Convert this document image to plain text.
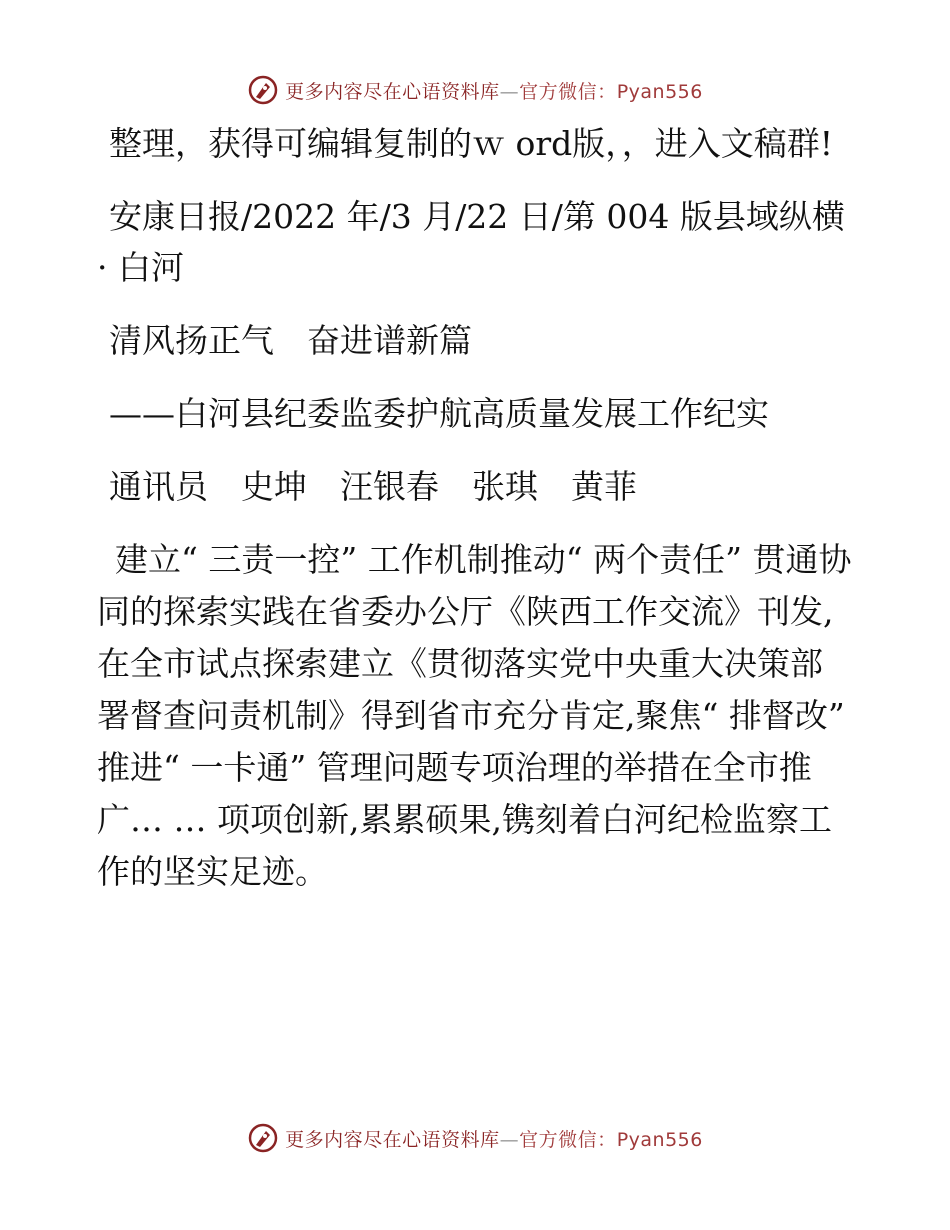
更多内容尽在心语资料库—官方微信：Pyan556

整理，获得可编辑复制的ｗ ord版，，进入文稿群!

安康日报/2022 年/3 月/22 日/第 004 版县域纵横· 白河

清风扬正气　奋进谱新篇

——白河县纪委监委护航高质量发展工作纪实

通讯员　史坤　汪银春　张琪　黄菲

建立“ 三责一控” 工作机制推动“ 两个责任” 贯通协同的探索实践在省委办公厅《陕西工作交流》刊发,在全市试点探索建立《贯彻落实党中央重大决策部署督查问责机制》得到省市充分肯定,聚焦“ 排督改” 推进“ 一卡通” 管理问题专项治理的举措在全市推广… … 项项创新,累累硕果,镌刻着白河纪检监察工作的坚实足迹。

更多内容尽在心语资料库—官方微信：Pyan556
